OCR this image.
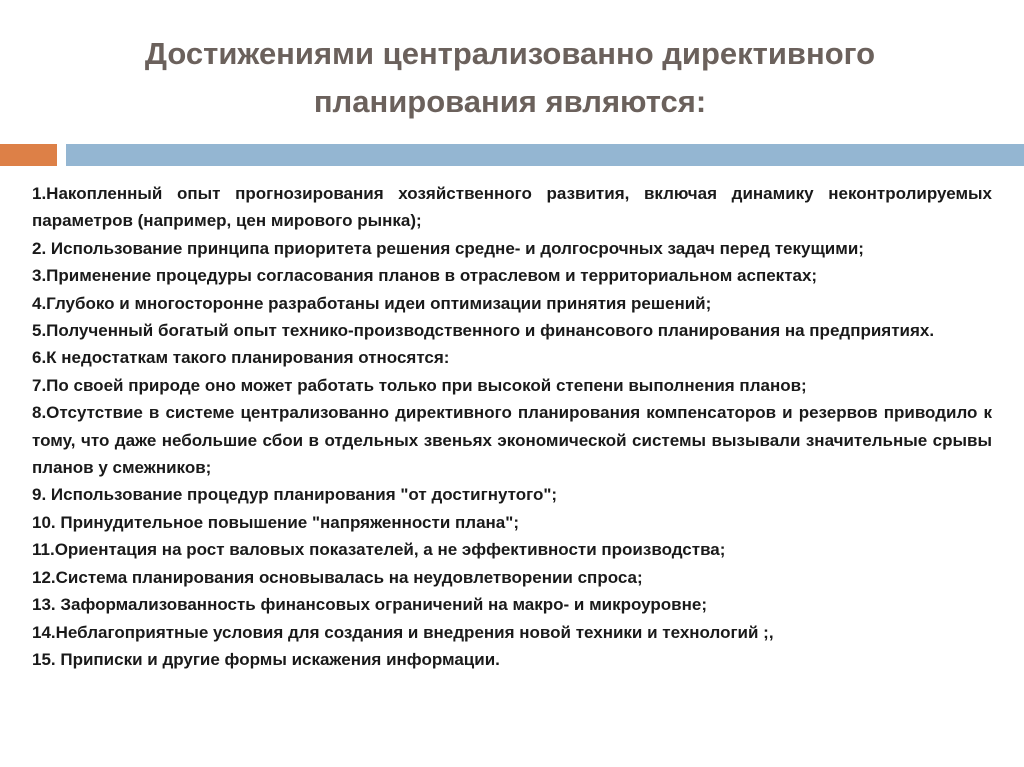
Достижениями централизованно директивного
планирования являются:
1.Накопленный опыт прогнозирования хозяйственного развития, включая динамику неконтролируемых параметров (например, цен мирового рынка);
2. Использование принципа приоритета решения средне- и долгосрочных задач перед текущими;
3.Применение процедуры согласования планов в отраслевом и территориальном аспектах;
4.Глубоко и многосторонне разработаны идеи оптимизации принятия решений;
5.Полученный богатый опыт технико-производственного и финансового планирования на предприятиях.
6.К недостаткам такого планирования относятся:
7.По своей природе оно может работать только при высокой степени выполнения планов;
8.Отсутствие в системе централизованно директивного планирования компенсаторов и резервов приводило к тому, что даже небольшие сбои в отдельных звеньях экономической системы вызывали значительные срывы планов у смежников;
9. Использование процедур планирования "от достигнутого";
10. Принудительное повышение "напряженности плана";
11.Ориентация на рост валовых показателей, а не эффективности производства;
12.Система планирования основывалась на неудовлетворении спроса;
13. Заформализованность финансовых ограничений на макро- и микроуровне;
14.Неблагоприятные условия для создания и внедрения новой техники и технологий ;,
15. Приписки и другие формы искажения информации.
